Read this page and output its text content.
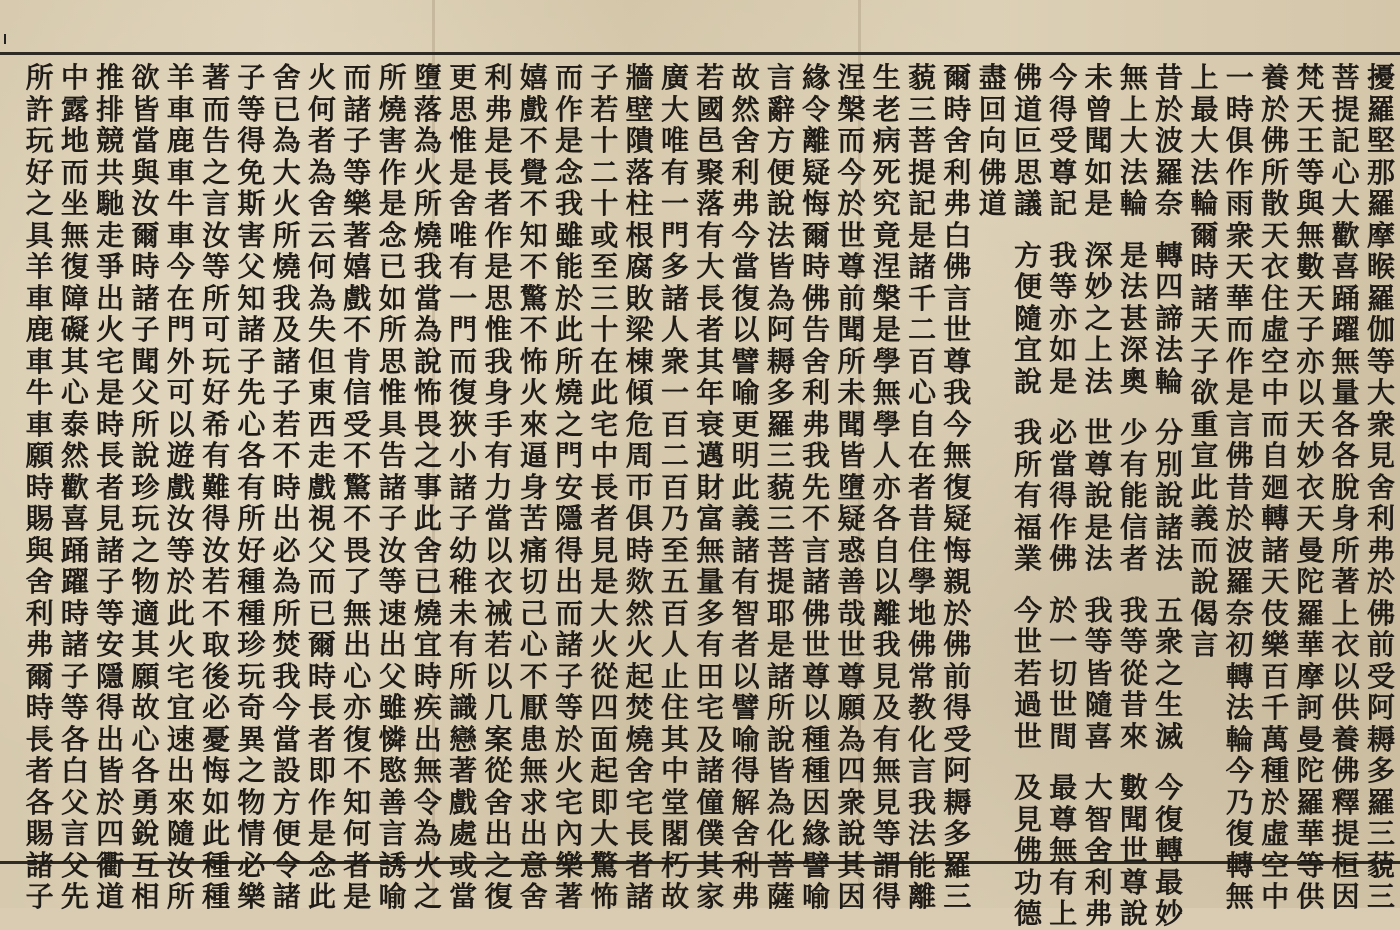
擾
羅
堅
那
羅
摩
睺
羅
伽
等
大
衆
見
舍
利
弗
於
佛
前
受
阿
耨
多
羅
三
藐
三
菩
提
記
心
大
歡
喜
踊
躍
無
量
各
各
脫
身
所
著
上
衣
以
供
養
佛
釋
提
桓
因
梵
天
王
等
與
無
數
天
子
亦
以
天
妙
衣
天
曼
陀
羅
華
摩
訶
曼
陀
羅
華
等
供
養
於
佛
所
散
天
衣
住
虛
空
中
而
自
廻
轉
諸
天
伎
樂
百
千
萬
種
於
虛
空
中
一
時
俱
作
雨
衆
天
華
而
作
是
言
佛
昔
於
波
羅
奈
初
轉
法
輪
今
乃
復
轉
無
上
最
大
法
輪
爾
時
諸
天
子
欲
重
宣
此
義
而
說
偈
言
昔
於
波
羅
奈
轉
四
諦
法
輪
分
別
說
諸
法
五
衆
之
生
滅
今
復
轉
最
妙
無
上
大
法
輪
是
法
甚
深
奧
少
有
能
信
者
我
等
從
昔
來
數
聞
世
尊
說
未
曾
聞
如
是
深
妙
之
上
法
世
尊
說
是
法
我
等
皆
隨
喜
大
智
舍
利
弗
今
得
受
尊
記
我
等
亦
如
是
必
當
得
作
佛
於
一
切
世
間
最
尊
無
有
上
佛
道
叵
思
議
方
便
隨
宜
說
我
所
有
福
業
今
世
若
過
世
及
見
佛
功
德
盡
回
向
佛
道
爾
時
舍
利
弗
白
佛
言
世
尊
我
今
無
復
疑
悔
親
於
佛
前
得
受
阿
耨
多
羅
三
藐
三
菩
提
記
是
諸
千
二
百
心
自
在
者
昔
住
學
地
佛
常
教
化
言
我
法
能
離
生
老
病
死
究
竟
涅
槃
是
學
無
學
人
亦
各
自
以
離
我
見
及
有
無
見
等
謂
得
涅
槃
而
今
於
世
尊
前
聞
所
未
聞
皆
墮
疑
惑
善
哉
世
尊
願
為
四
衆
說
其
因
緣
令
離
疑
悔
爾
時
佛
告
舍
利
弗
我
先
不
言
諸
佛
世
尊
以
種
種
因
緣
譬
喻
言
辭
方
便
說
法
皆
為
阿
耨
多
羅
三
藐
三
菩
提
耶
是
諸
所
說
皆
為
化
菩
薩
故
然
舍
利
弗
今
當
復
以
譬
喻
更
明
此
義
諸
有
智
者
以
譬
喻
得
解
舍
利
弗
若
國
邑
聚
落
有
大
長
者
其
年
衰
邁
財
富
無
量
多
有
田
宅
及
諸
僮
僕
其
家
廣
大
唯
有
一
門
多
諸
人
衆
一
百
二
百
乃
至
五
百
人
止
住
其
中
堂
閣
朽
故
牆
壁
隤
落
柱
根
腐
敗
梁
棟
傾
危
周
帀
俱
時
欻
然
火
起
焚
燒
舍
宅
長
者
諸
子
若
十
二
十
或
至
三
十
在
此
宅
中
長
者
見
是
大
火
從
四
面
起
即
大
驚
怖
而
作
是
念
我
雖
能
於
此
所
燒
之
門
安
隱
得
出
而
諸
子
等
於
火
宅
內
樂
著
嬉
戲
不
覺
不
知
不
驚
不
怖
火
來
逼
身
苦
痛
切
己
心
不
厭
患
無
求
出
意
舍
利
弗
是
長
者
作
是
思
惟
我
身
手
有
力
當
以
衣
祴
若
以
几
案
從
舍
出
之
復
更
思
惟
是
舍
唯
有
一
門
而
復
狹
小
諸
子
幼
稚
未
有
所
識
戀
著
戲
處
或
當
墮
落
為
火
所
燒
我
當
為
說
怖
畏
之
事
此
舍
已
燒
宜
時
疾
出
無
令
為
火
之
所
燒
害
作
是
念
已
如
所
思
惟
具
告
諸
子
汝
等
速
出
父
雖
憐
愍
善
言
誘
喻
而
諸
子
等
樂
著
嬉
戲
不
肯
信
受
不
驚
不
畏
了
無
出
心
亦
復
不
知
何
者
是
火
何
者
為
舍
云
何
為
失
但
東
西
走
戲
視
父
而
已
爾
時
長
者
即
作
是
念
此
舍
已
為
大
火
所
燒
我
及
諸
子
若
不
時
出
必
為
所
焚
我
今
當
設
方
便
令
諸
子
等
得
免
斯
害
父
知
諸
子
先
心
各
有
所
好
種
種
珍
玩
奇
異
之
物
情
必
樂
著
而
告
之
言
汝
等
所
可
玩
好
希
有
難
得
汝
若
不
取
後
必
憂
悔
如
此
種
種
羊
車
鹿
車
牛
車
今
在
門
外
可
以
遊
戲
汝
等
於
此
火
宅
宜
速
出
來
隨
汝
所
欲
皆
當
與
汝
爾
時
諸
子
聞
父
所
說
珍
玩
之
物
適
其
願
故
心
各
勇
銳
互
相
推
排
競
共
馳
走
爭
出
火
宅
是
時
長
者
見
諸
子
等
安
隱
得
出
皆
於
四
衢
道
中
露
地
而
坐
無
復
障
礙
其
心
泰
然
歡
喜
踊
躍
時
諸
子
等
各
白
父
言
父
先
所
許
玩
好
之
具
羊
車
鹿
車
牛
車
願
時
賜
與
舍
利
弗
爾
時
長
者
各
賜
諸
子
